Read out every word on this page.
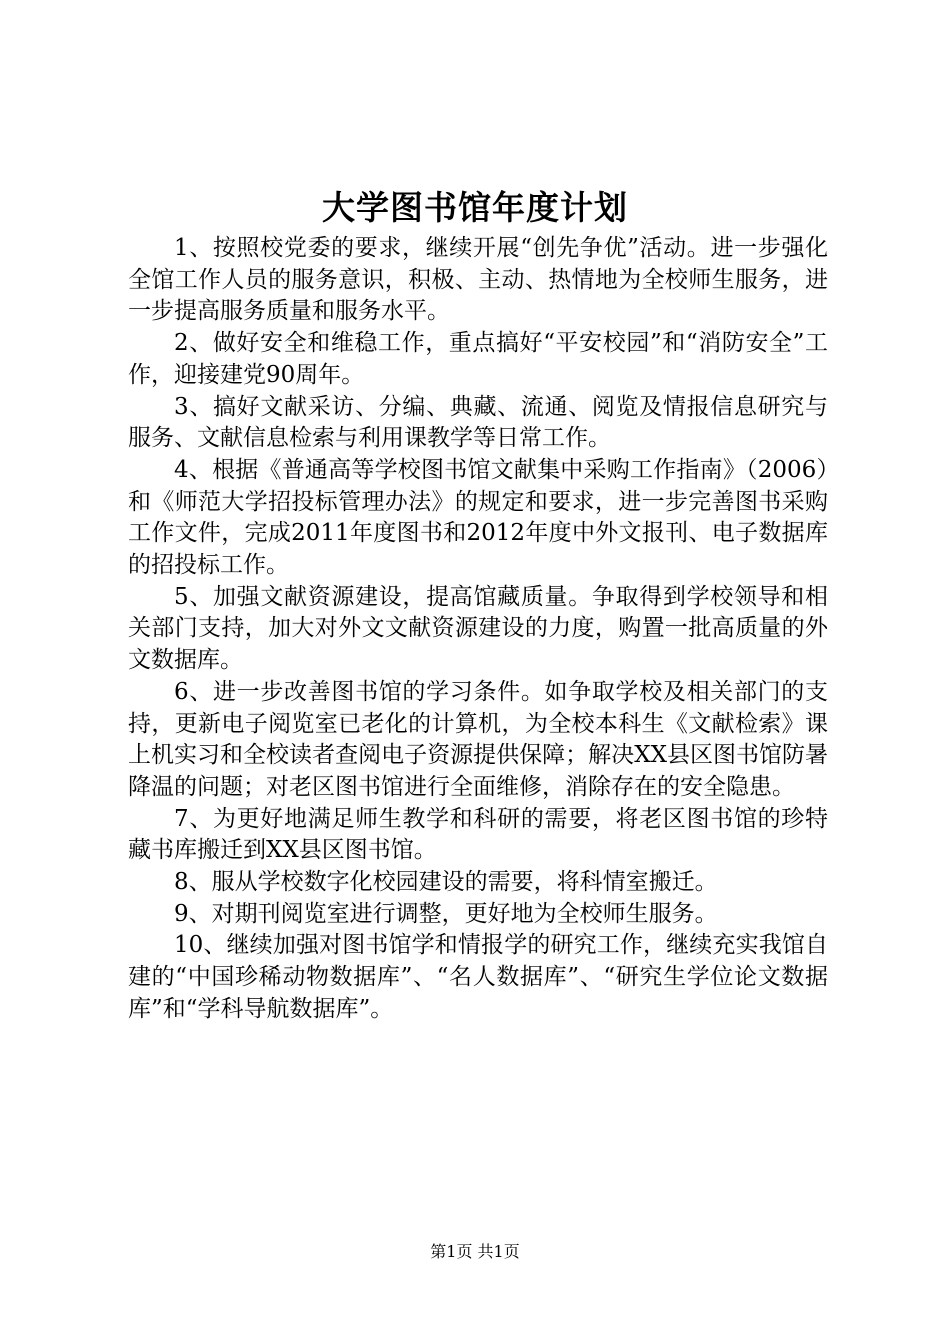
大学图书馆年度计划

1、按照校党委的要求，继续开展“创先争优”活动。进一步强化全馆工作人员的服务意识，积极、主动、热情地为全校师生服务，进一步提高服务质量和服务水平。

2、做好安全和维稳工作，重点搞好“平安校园”和“消防安全”工作，迎接建党90周年。

3、搞好文献采访、分编、典藏、流通、阅览及情报信息研究与服务、文献信息检索与利用课教学等日常工作。

4、根据《普通高等学校图书馆文献集中采购工作指南》（2006）和《师范大学招投标管理办法》的规定和要求，进一步完善图书采购工作文件，完成2011年度图书和2012年度中外文报刊、电子数据库的招投标工作。

5、加强文献资源建设，提高馆藏质量。争取得到学校领导和相关部门支持，加大对外文文献资源建设的力度，购置一批高质量的外文数据库。

6、进一步改善图书馆的学习条件。如争取学校及相关部门的支持，更新电子阅览室已老化的计算机，为全校本科生《文献检索》课上机实习和全校读者查阅电子资源提供保障；解决XX县区图书馆防暑降温的问题；对老区图书馆进行全面维修，消除存在的安全隐患。

7、为更好地满足师生教学和科研的需要，将老区图书馆的珍特藏书库搬迁到XX县区图书馆。

8、服从学校数字化校园建设的需要，将科情室搬迁。

9、对期刊阅览室进行调整，更好地为全校师生服务。

10、继续加强对图书馆学和情报学的研究工作，继续充实我馆自建的“中国珍稀动物数据库”、“名人数据库”、“研究生学位论文数据库”和“学科导航数据库”。

第1页 共1页
